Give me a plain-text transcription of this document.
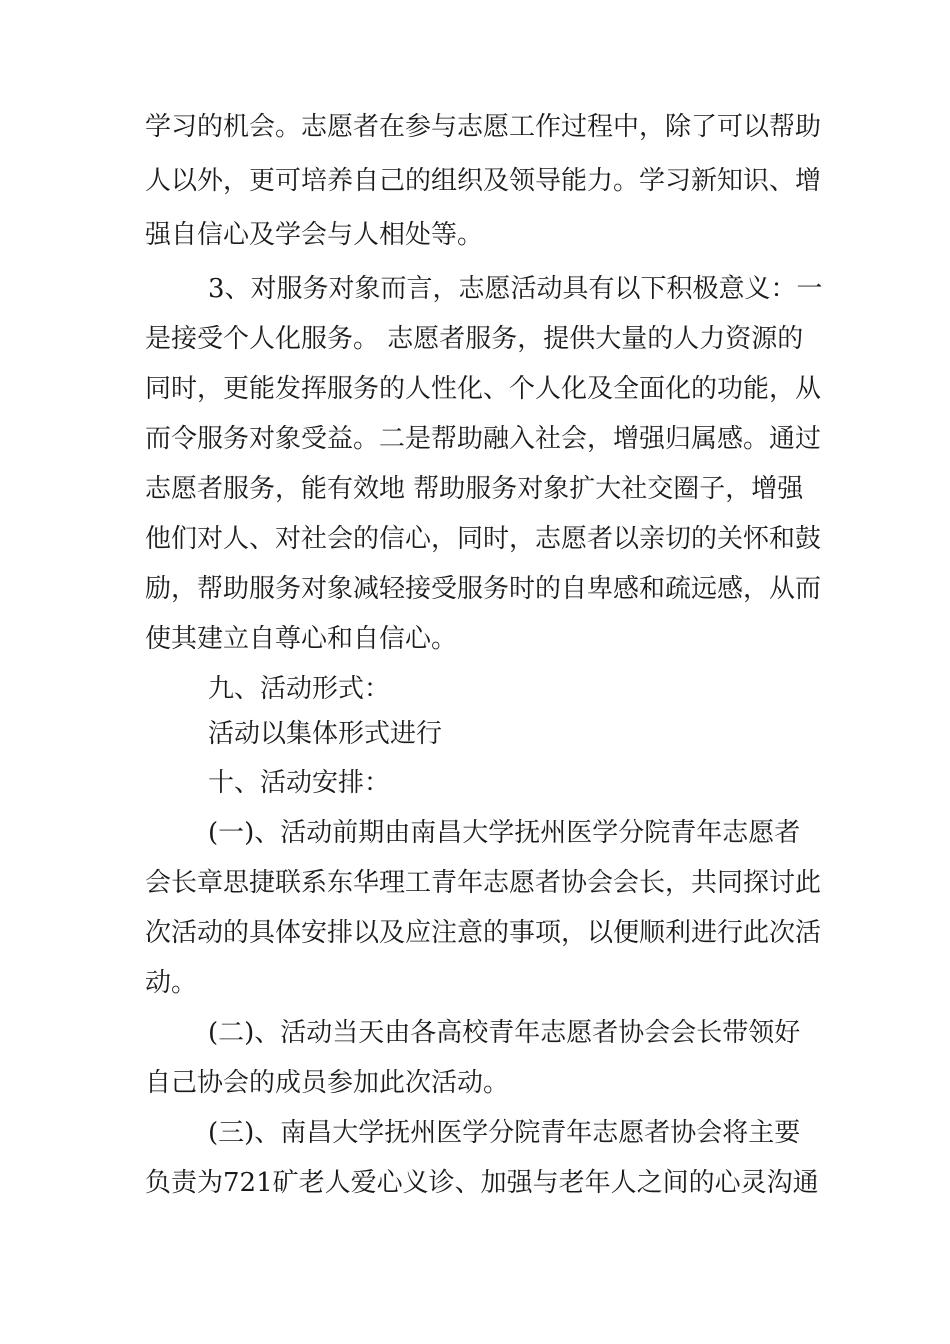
学习的机会。志愿者在参与志愿工作过程中，除了可以帮助
人以外，更可培养自己的组织及领导能力。学习新知识、增
强自信心及学会与人相处等。
3、对服务对象而言，志愿活动具有以下积极意义：一
是接受个人化服务。 志愿者服务，提供大量的人力资源的
同时，更能发挥服务的人性化、个人化及全面化的功能，从
而令服务对象受益。二是帮助融入社会，增强归属感。通过
志愿者服务，能有效地 帮助服务对象扩大社交圈子，增强
他们对人、对社会的信心，同时，志愿者以亲切的关怀和鼓
励，帮助服务对象减轻接受服务时的自卑感和疏远感，从而
使其建立自尊心和自信心。
九、活动形式：
活动以集体形式进行
十、活动安排：
(一)、活动前期由南昌大学抚州医学分院青年志愿者
会长章思捷联系东华理工青年志愿者协会会长，共同探讨此
次活动的具体安排以及应注意的事项，以便顺利进行此次活
动。
(二)、活动当天由各高校青年志愿者协会会长带领好
自己协会的成员参加此次活动。
(三)、南昌大学抚州医学分院青年志愿者协会将主要
负责为721矿老人爱心义诊、加强与老年人之间的心灵沟通
